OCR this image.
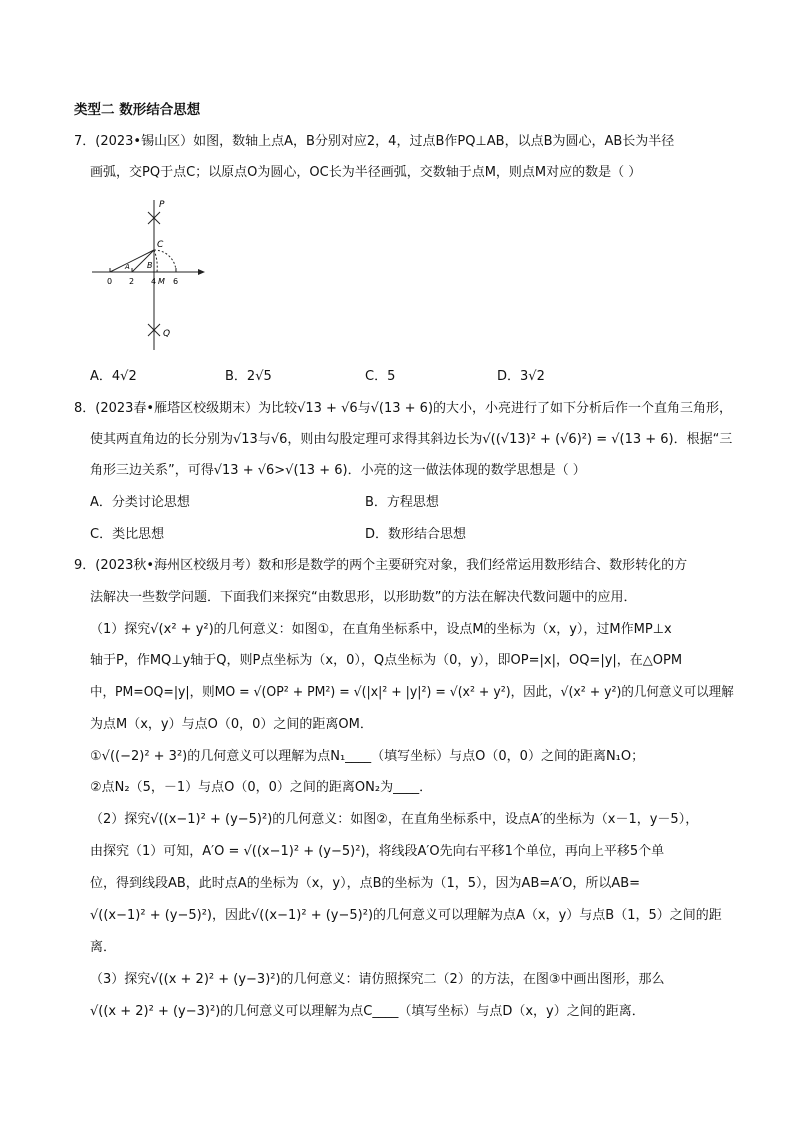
类型二 数形结合思想
7．(2023•锡山区）如图，数轴上点A，B分别对应2，4，过点B作PQ⊥AB，以点B为圆心，AB长为半径
画弧，交PQ于点C；以原点O为圆心，OC长为半径画弧，交数轴于点M，则点M对应的数是（ ）
P
C
A B
M
Q
0 2 4 6
A．4√2	B．2√5	C．5	D．3√2
8．(2023春•雁塔区校级期末）为比较√13 + √6与√(13 + 6)的大小，小亮进行了如下分析后作一个直角三角形，
使其两直角边的长分别为√13与√6，则由勾股定理可求得其斜边长为√((√13)² + (√6)²) = √(13 + 6)．根据“三
角形三边关系”，可得√13 + √6>√(13 + 6)．小亮的这一做法体现的数学思想是（ ）
A．分类讨论思想	B．方程思想
C．类比思想	D．数形结合思想
9．(2023秋•海州区校级月考）数和形是数学的两个主要研究对象，我们经常运用数形结合、数形转化的方
法解决一些数学问题．下面我们来探究“由数思形，以形助数”的方法在解决代数问题中的应用．
（1）探究√(x² + y²)的几何意义：如图①，在直角坐标系中，设点M的坐标为（x，y），过M作MP⊥x
轴于P，作MQ⊥y轴于Q，则P点坐标为（x，0），Q点坐标为（0，y），即OP=|x|，OQ=|y|，在△OPM
中，PM=OQ=|y|，则MO = √(OP² + PM²) = √(|x|² + |y|²) = √(x² + y²)，因此，√(x² + y²)的几何意义可以理解
为点M（x，y）与点O（0，0）之间的距离OM．
①√((−2)² + 3²)的几何意义可以理解为点N₁____（填写坐标）与点O（0，0）之间的距离N₁O；
②点N₂（5，－1）与点O（0，0）之间的距离ON₂为____．
（2）探究√((x−1)² + (y−5)²)的几何意义：如图②，在直角坐标系中，设点A′的坐标为（x－1，y－5），
由探究（1）可知，A′O = √((x−1)² + (y−5)²)，将线段A′O先向右平移1个单位，再向上平移5个单
位，得到线段AB，此时点A的坐标为（x，y），点B的坐标为（1，5），因为AB=A′O，所以AB=
√((x−1)² + (y−5)²)，因此√((x−1)² + (y−5)²)的几何意义可以理解为点A（x，y）与点B（1，5）之间的距
离．
（3）探究√((x + 2)² + (y−3)²)的几何意义：请仿照探究二（2）的方法，在图③中画出图形，那么
√((x + 2)² + (y−3)²)的几何意义可以理解为点C____（填写坐标）与点D（x，y）之间的距离．
